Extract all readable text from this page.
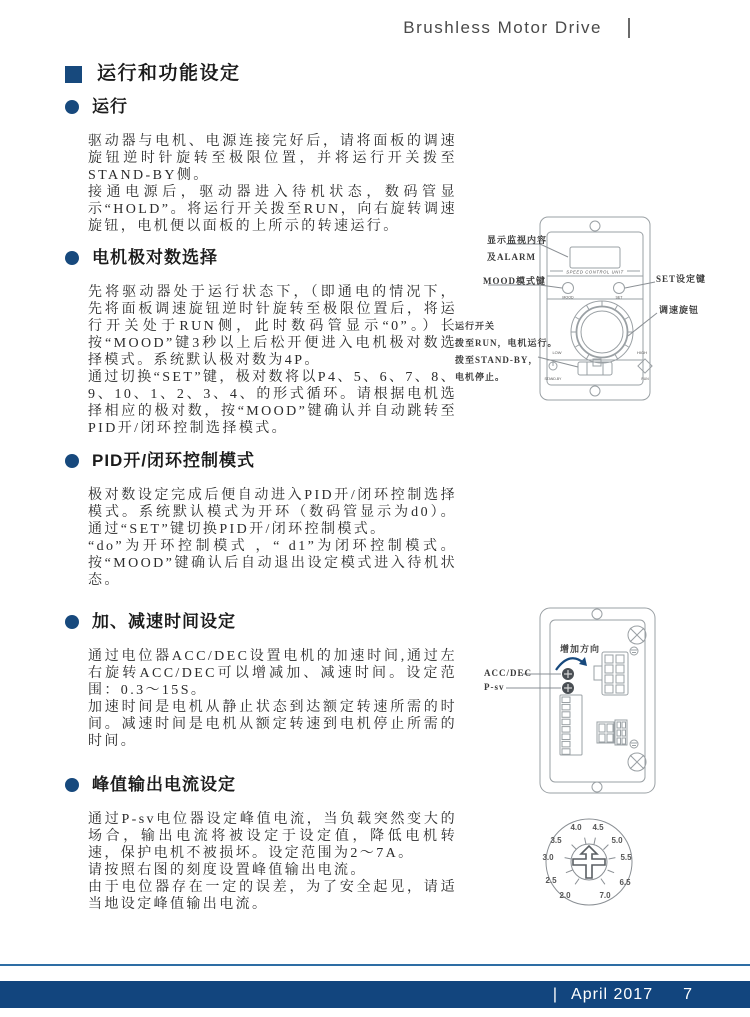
Brushless Motor Drive
运行和功能设定
运行

驱动器与电机、电源连接完好后，请将面板的调速旋钮逆时针旋转至极限位置，并将运行开关拨至STAND-BY侧。

接通电源后，驱动器进入待机状态，数码管显示“HOLD”。将运行开关拨至RUN，向右旋转调速旋钮，电机便以面板的上所示的转速运行。

电机极对数选择

先将驱动器处于运行状态下，（即通电的情况下，先将面板调速旋钮逆时针旋转至极限位置后，将运行开关处于RUN侧，此时数码管显示“0”。）长按“MOOD”键3秒以上后松开便进入电机极对数选择模式。系统默认极对数为4P。

通过切换“SET”键，极对数将以P4、5、6、7、8、9、10、1、2、3、4、的形式循环。请根据电机选择相应的极对数，按“MOOD”键确认并自动跳转至PID开/闭环控制选择模式。

PID开/闭环控制模式

极对数设定完成后便自动进入PID开/闭环控制选择模式。系统默认模式为开环（数码管显示为d0）。通过“SET”键切换PID开/闭环控制模式。

“do”为开环控制模式 ，“ d1”为闭环控制模式。按“MOOD”键确认后自动退出设定模式进入待机状态。

加、减速时间设定

通过电位器ACC/DEC设置电机的加速时间,通过左右旋转ACC/DEC可以增减加、减速时间。设定范围：0.3～15S。

加速时间是电机从静止状态到达额定转速所需的时间。减速时间是电机从额定转速到电机停止所需的时间。

峰值输出电流设定

通过P-sv电位器设定峰值电流，当负载突然变大的场合，输出电流将被设定于设定值，降低电机转速，保护电机不被损坏。设定范围为2～7A。

请按照右图的刻度设置峰值输出电流。

由于电位器存在一定的误差，为了安全起见，请适当地设定峰值输出电流。

SPEED CONTROL UNIT
MOOD	SET
LOW	HIGH
STAND-BY	RUN
显示监视内容
及ALARM
MOOD模式键	SET设定键
调速旋钮
运行开关
拨至RUN，电机运行。
拨至STAND-BY，
电机停止。
增加方向
ACC/DEC
P-sv
2.0
2.5
3.0
3.5
4.0 4.5
5.0
5.5
6.5
7.0
| April 2017 7
